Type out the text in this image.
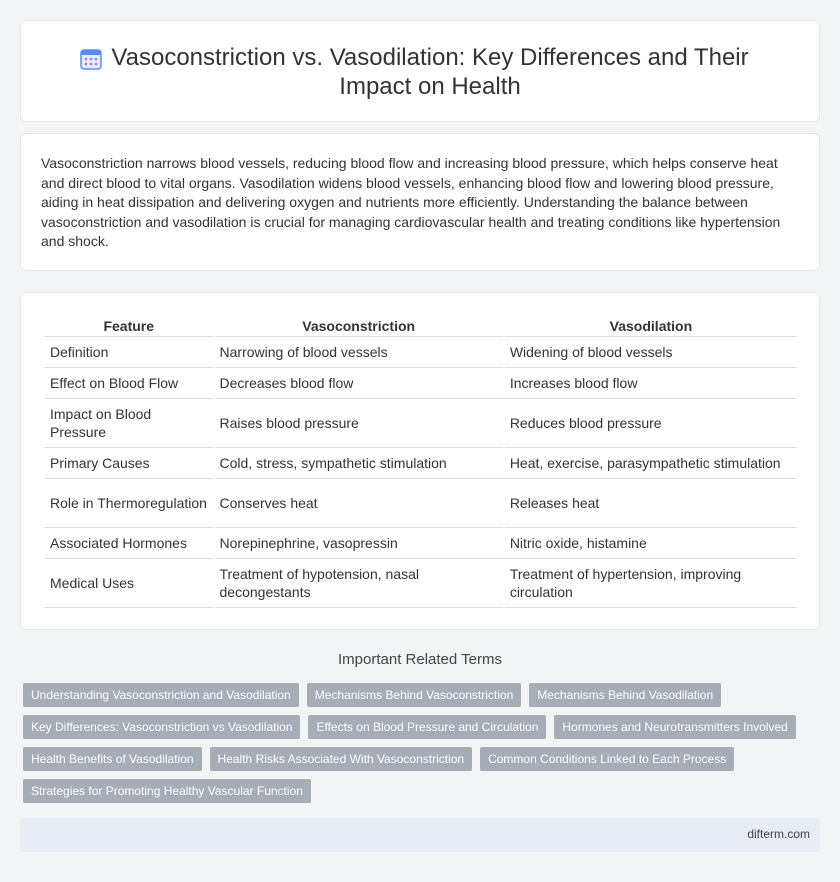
Vasoconstriction vs. Vasodilation: Key Differences and Their
Impact on Health

Vasoconstriction narrows blood vessels, reducing blood flow and increasing blood pressure, which helps conserve heat and direct blood to vital organs. Vasodilation widens blood vessels, enhancing blood flow and lowering blood pressure, aiding in heat dissipation and delivering oxygen and nutrients more efficiently. Understanding the balance between vasoconstriction and vasodilation is crucial for managing cardiovascular health and treating conditions like hypertension and shock.

Feature	Vasoconstriction	Vasodilation
Definition	Narrowing of blood vessels	Widening of blood vessels
Effect on Blood Flow	Decreases blood flow	Increases blood flow
Impact on Blood Pressure	Raises blood pressure	Reduces blood pressure
Primary Causes	Cold, stress, sympathetic stimulation	Heat, exercise, parasympathetic stimulation
Role in Thermoregulation	Conserves heat	Releases heat
Associated Hormones	Norepinephrine, vasopressin	Nitric oxide, histamine
Medical Uses	Treatment of hypotension, nasal decongestants	Treatment of hypertension, improving circulation
Important Related Terms
Understanding Vasoconstriction and Vasodilation	Mechanisms Behind Vasoconstriction	Mechanisms Behind Vasodilation
Key Differences: Vasoconstriction vs Vasodilation	Effects on Blood Pressure and Circulation	Hormones and Neurotransmitters Involved
Health Benefits of Vasodilation	Health Risks Associated With Vasoconstriction	Common Conditions Linked to Each Process
Strategies for Promoting Healthy Vascular Function
difterm.com
